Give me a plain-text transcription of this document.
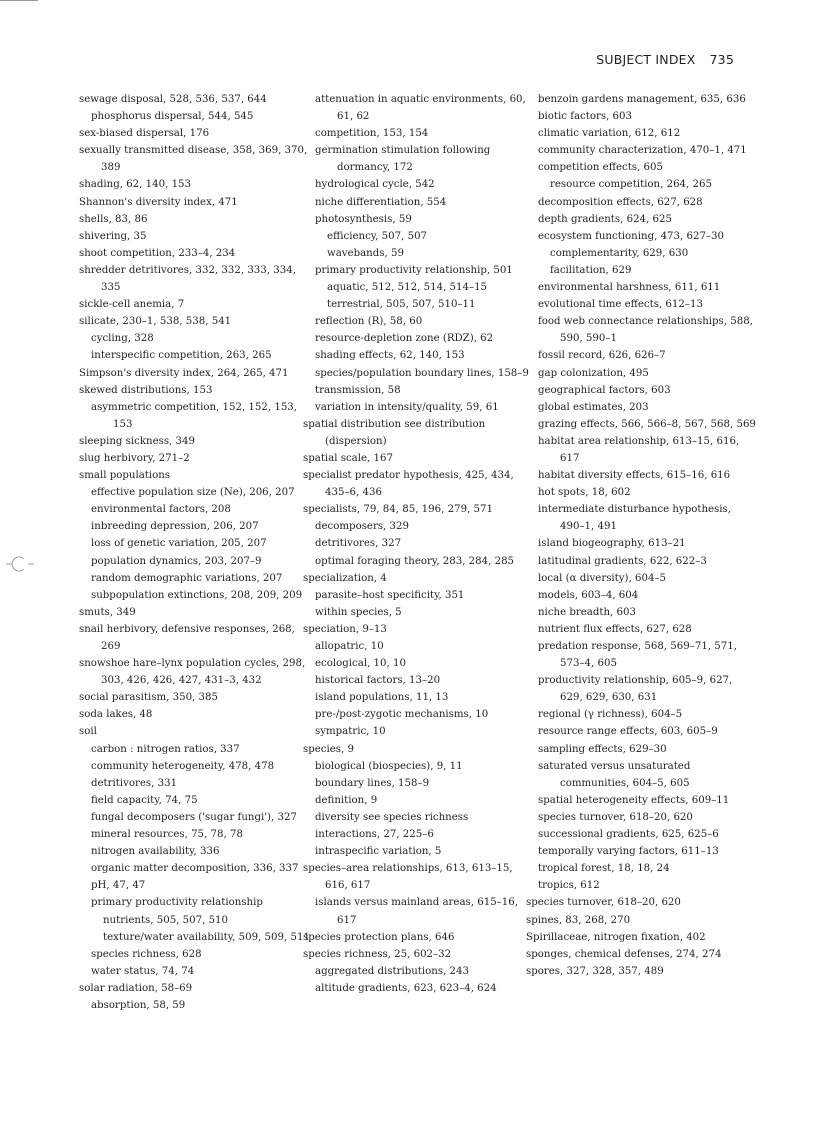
SUBJECT INDEX 735
sewage disposal, 528, 536, 537, 644
phosphorus dispersal, 544, 545
sex-biased dispersal, 176
sexually transmitted disease, 358, 369, 370, 389
shading, 62, 140, 153
Shannon's diversity index, 471
shells, 83, 86
shivering, 35
shoot competition, 233–4, 234
shredder detritivores, 332, 332, 333, 334, 335
sickle-cell anemia, 7
silicate, 230–1, 538, 538, 541
cycling, 328
interspecific competition, 263, 265
Simpson's diversity index, 264, 265, 471
skewed distributions, 153
asymmetric competition, 152, 152, 153, 153
sleeping sickness, 349
slug herbivory, 271–2
small populations
effective population size (Ne), 206, 207
environmental factors, 208
inbreeding depression, 206, 207
loss of genetic variation, 205, 207
population dynamics, 203, 207–9
random demographic variations, 207
subpopulation extinctions, 208, 209, 209
smuts, 349
snail herbivory, defensive responses, 268, 269
snowshoe hare–lynx population cycles, 298, 303, 426, 426, 427, 431–3, 432
social parasitism, 350, 385
soda lakes, 48
soil
carbon : nitrogen ratios, 337
community heterogeneity, 478, 478
detritivores, 331
field capacity, 74, 75
fungal decomposers ('sugar fungi'), 327
mineral resources, 75, 78, 78
nitrogen availability, 336
organic matter decomposition, 336, 337
pH, 47, 47
primary productivity relationship
nutrients, 505, 507, 510
texture/water availability, 509, 509, 511
species richness, 628
water status, 74, 74
solar radiation, 58–69
absorption, 58, 59
attenuation in aquatic environments, 60, 61, 62
competition, 153, 154
germination stimulation following dormancy, 172
hydrological cycle, 542
niche differentiation, 554
photosynthesis, 59
efficiency, 507, 507
wavebands, 59
primary productivity relationship, 501
aquatic, 512, 512, 514, 514–15
terrestrial, 505, 507, 510–11
reflection (R), 58, 60
resource-depletion zone (RDZ), 62
shading effects, 62, 140, 153
species/population boundary lines, 158–9
transmission, 58
variation in intensity/quality, 59, 61
spatial distribution see distribution (dispersion)
spatial scale, 167
specialist predator hypothesis, 425, 434, 435–6, 436
specialists, 79, 84, 85, 196, 279, 571
decomposers, 329
detritivores, 327
optimal foraging theory, 283, 284, 285
specialization, 4
parasite–host specificity, 351
within species, 5
speciation, 9–13
allopatric, 10
ecological, 10, 10
historical factors, 13–20
island populations, 11, 13
pre-/post-zygotic mechanisms, 10
sympatric, 10
species, 9
biological (biospecies), 9, 11
boundary lines, 158–9
definition, 9
diversity see species richness
interactions, 27, 225–6
intraspecific variation, 5
species–area relationships, 613, 613–15, 616, 617
islands versus mainland areas, 615–16, 617
species protection plans, 646
species richness, 25, 602–32
aggregated distributions, 243
altitude gradients, 623, 623–4, 624
benzoin gardens management, 635, 636
biotic factors, 603
climatic variation, 612, 612
community characterization, 470–1, 471
competition effects, 605
resource competition, 264, 265
decomposition effects, 627, 628
depth gradients, 624, 625
ecosystem functioning, 473, 627–30
complementarity, 629, 630
facilitation, 629
environmental harshness, 611, 611
evolutional time effects, 612–13
food web connectance relationships, 588, 590, 590–1
fossil record, 626, 626–7
gap colonization, 495
geographical factors, 603
global estimates, 203
grazing effects, 566, 566–8, 567, 568, 569
habitat area relationship, 613–15, 616, 617
habitat diversity effects, 615–16, 616
hot spots, 18, 602
intermediate disturbance hypothesis, 490–1, 491
island biogeography, 613–21
latitudinal gradients, 622, 622–3
local (α diversity), 604–5
models, 603–4, 604
niche breadth, 603
nutrient flux effects, 627, 628
predation response, 568, 569–71, 571, 573–4, 605
productivity relationship, 605–9, 627, 629, 629, 630, 631
regional (γ richness), 604–5
resource range effects, 603, 605–9
sampling effects, 629–30
saturated versus unsaturated communities, 604–5, 605
spatial heterogeneity effects, 609–11
species turnover, 618–20, 620
successional gradients, 625, 625–6
temporally varying factors, 611–13
tropical forest, 18, 18, 24
tropics, 612
species turnover, 618–20, 620
spines, 83, 268, 270
Spirillaceae, nitrogen fixation, 402
sponges, chemical defenses, 274, 274
spores, 327, 328, 357, 489
